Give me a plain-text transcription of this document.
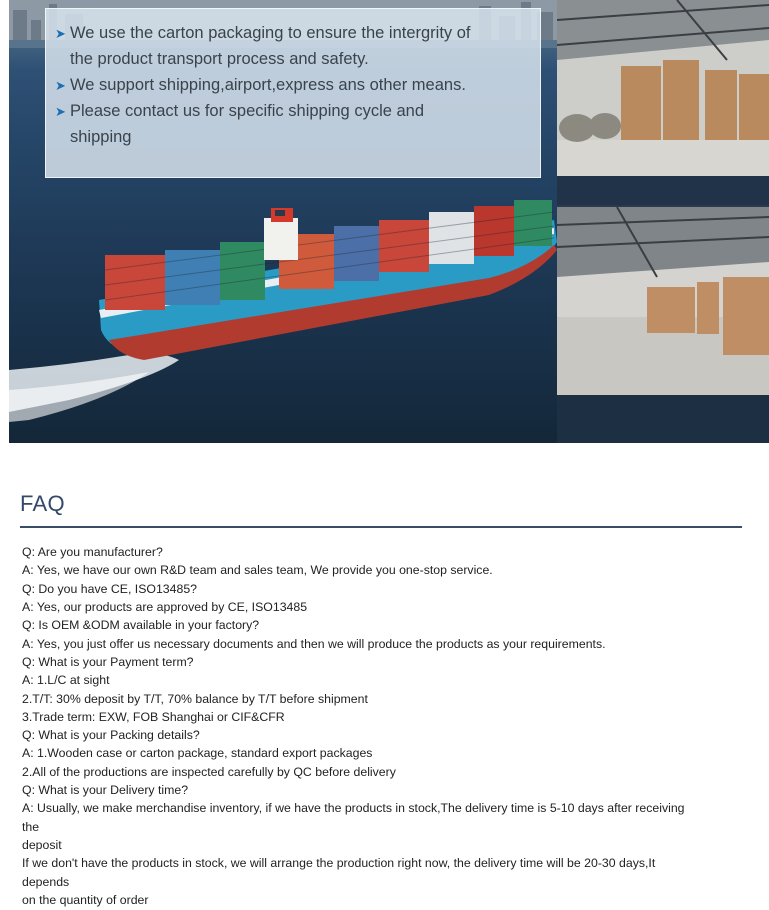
➤ We use the carton packaging to ensure the intergrity of
the product transport process and safety.
➤ We support shipping,airport,express ans other means.
➤ Please contact us for specific shipping cycle and
shipping
FAQ
Q: Are you manufacturer?
A: Yes, we have our own R&D team and sales team, We provide you one-stop service.
Q: Do you have CE, ISO13485?
A: Yes, our products are approved by CE, ISO13485
Q: Is OEM &ODM available in your factory?
A: Yes, you just offer us necessary documents and then we will produce the products as your requirements.
Q: What is your Payment term?
A: 1.L/C at sight
2.T/T: 30% deposit by T/T, 70% balance by T/T before shipment
3.Trade term: EXW, FOB Shanghai or CIF&CFR
Q: What is your Packing details?
A: 1.Wooden case or carton package, standard export packages
2.All of the productions are inspected carefully by QC before delivery
Q: What is your Delivery time?
A: Usually, we make merchandise inventory, if we have the products in stock,The delivery time is 5-10 days after receiving
the
deposit
If we don't have the products in stock, we will arrange the production right now, the delivery time will be 20-30 days,It
depends
on the quantity of order
